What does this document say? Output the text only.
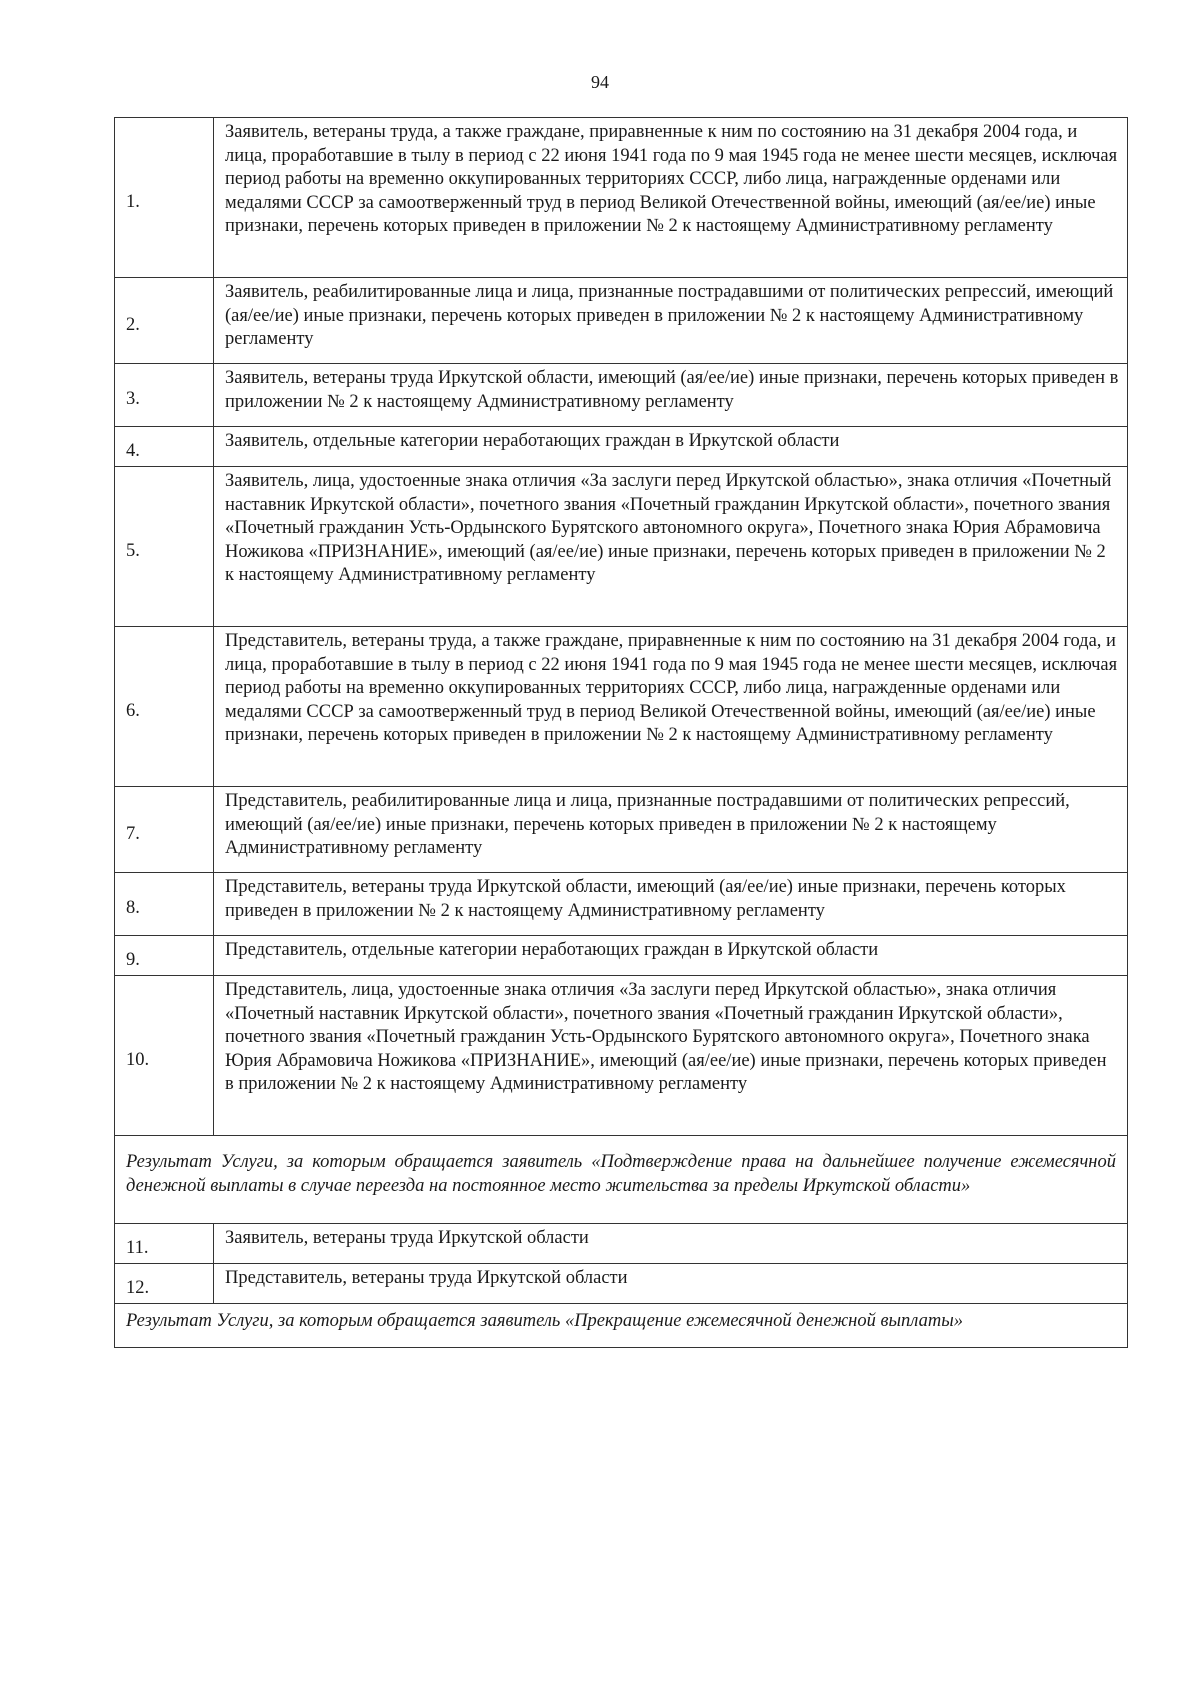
94
1.	Заявитель, ветераны труда, а также граждане, приравненные к ним по состоянию на 31 декабря 2004 года, и лица, проработавшие в тылу в период с 22 июня 1941 года по 9 мая 1945 года не менее шести месяцев, исключая период работы на временно оккупированных территориях СССР, либо лица, награжденные орденами или медалями СССР за самоотверженный труд в период Великой Отечественной войны, имеющий (ая/ее/ие) иные признаки, перечень которых приведен в приложении № 2 к настоящему Административному регламенту
2.	Заявитель, реабилитированные лица и лица, признанные пострадавшими от политических репрессий, имеющий (ая/ее/ие) иные признаки, перечень которых приведен в приложении № 2 к настоящему Административному регламенту
3.	Заявитель, ветераны труда Иркутской области, имеющий (ая/ее/ие) иные признаки, перечень которых приведен в приложении № 2 к настоящему Административному регламенту
4.	Заявитель, отдельные категории неработающих граждан в Иркутской области
5.	Заявитель, лица, удостоенные знака отличия «За заслуги перед Иркутской областью», знака отличия «Почетный наставник Иркутской области», почетного звания «Почетный гражданин Иркутской области», почетного звания «Почетный гражданин Усть-Ордынского Бурятского автономного округа», Почетного знака Юрия Абрамовича Ножикова «ПРИЗНАНИЕ», имеющий (ая/ее/ие) иные признаки, перечень которых приведен в приложении № 2 к настоящему Административному регламенту
6.	Представитель, ветераны труда, а также граждане, приравненные к ним по состоянию на 31 декабря 2004 года, и лица, проработавшие в тылу в период с 22 июня 1941 года по 9 мая 1945 года не менее шести месяцев, исключая период работы на временно оккупированных территориях СССР, либо лица, награжденные орденами или медалями СССР за самоотверженный труд в период Великой Отечественной войны, имеющий (ая/ее/ие) иные признаки, перечень которых приведен в приложении № 2 к настоящему Административному регламенту
7.	Представитель, реабилитированные лица и лица, признанные пострадавшими от политических репрессий, имеющий (ая/ее/ие) иные признаки, перечень которых приведен в приложении № 2 к настоящему Административному регламенту
8.	Представитель, ветераны труда Иркутской области, имеющий (ая/ее/ие) иные признаки, перечень которых приведен в приложении № 2 к настоящему Административному регламенту
9.	Представитель, отдельные категории неработающих граждан в Иркутской области
10.	Представитель, лица, удостоенные знака отличия «За заслуги перед Иркутской областью», знака отличия «Почетный наставник Иркутской области», почетного звания «Почетный гражданин Иркутской области», почетного звания «Почетный гражданин Усть-Ордынского Бурятского автономного округа», Почетного знака Юрия Абрамовича Ножикова «ПРИЗНАНИЕ», имеющий (ая/ее/ие) иные признаки, перечень которых приведен в приложении № 2 к настоящему Административному регламенту
Результат Услуги, за которым обращается заявитель «Подтверждение права на дальнейшее получение ежемесячной денежной выплаты в случае переезда на постоянное место жительства за пределы Иркутской области»	
11.	Заявитель, ветераны труда Иркутской области
12.	Представитель, ветераны труда Иркутской области
Результат Услуги, за которым обращается заявитель «Прекращение ежемесячной денежной выплаты»	
